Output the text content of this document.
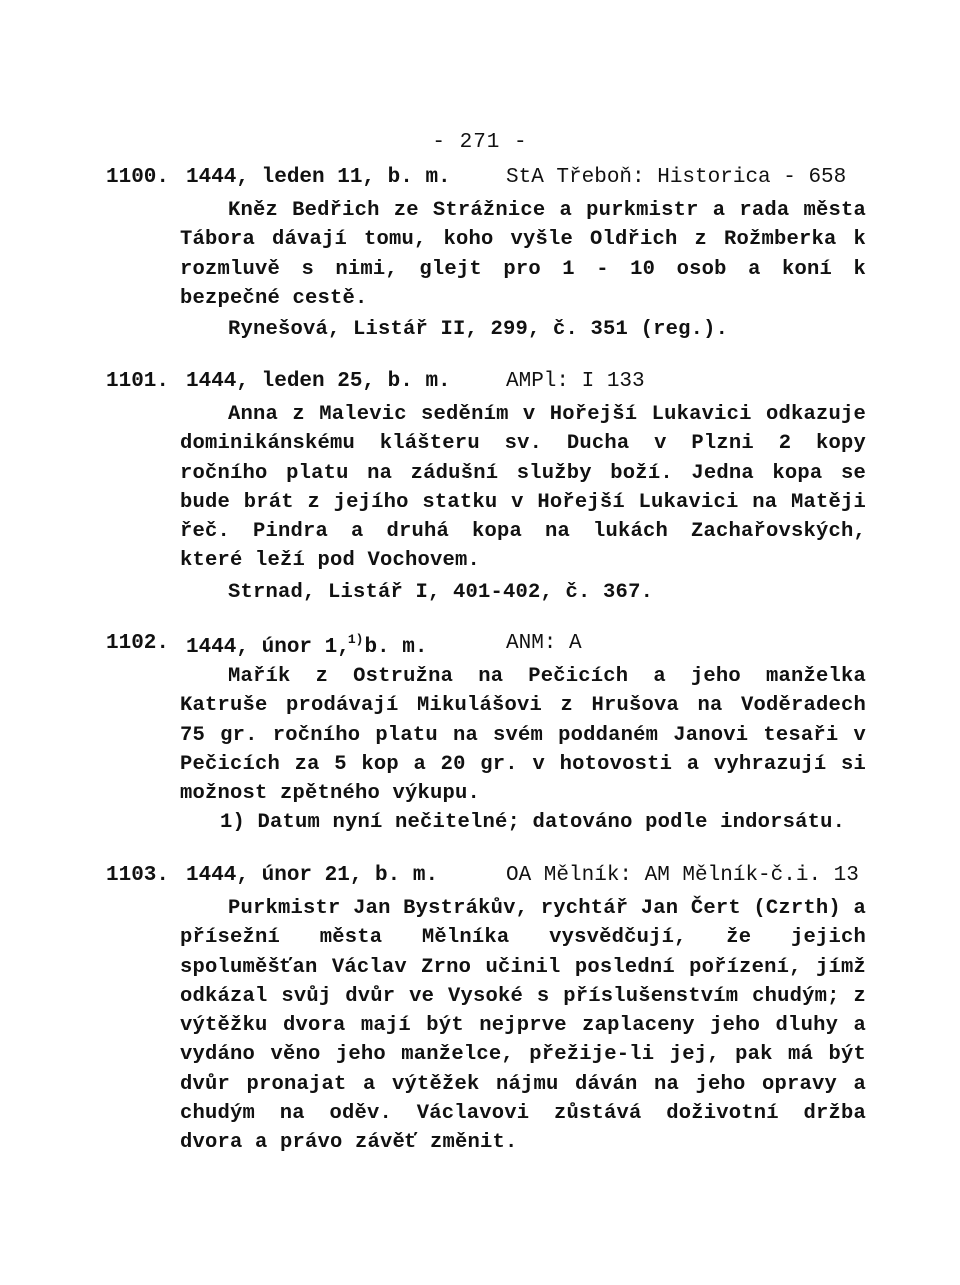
- 271 -
1100. 1444, leden 11, b. m.	StA Třeboň: Historica - 658

Kněz Bedřich ze Strážnice a purkmistr a rada města Tábora dávají tomu, koho vyšle Oldřich z Rožmberka k rozmluvě s nimi, glejt pro 1 - 10 osob a koní k bezpečné cestě.

Rynešová, Listář II, 299, č. 351 (reg.).
1101. 1444, leden 25, b. m.	AMPl: I 133

Anna z Malevic seděním v Hořejší Lukavici odkazuje dominikánskému klášteru sv. Ducha v Plzni 2 kopy ročního platu na zádušní služby boží. Jedna kopa se bude brát z jejího statku v Hořejší Lukavici na Matěji řeč. Pindra a druhá kopa na lukách Zachařovských, které leží pod Vochovem.

Strnad, Listář I, 401-402, č. 367.
1102. 1444, únor 1,$^{1)}$b. m.	ANM: A

Mařík z Ostružna na Pečicích a jeho manželka Katruše prodávají Mikulášovi z Hrušova na Voděradech 75 gr. ročního platu na svém poddaném Janovi tesaři v Pečicích za 5 kop a 20 gr. v hotovosti a vyhrazují si možnost zpětného výkupu.

1) Datum nyní nečitelné; datováno podle indorsátu.
1103. 1444, únor 21, b. m.	OA Mělník: AM Mělník-č.i. 13

Purkmistr Jan Bystrákův, rychtář Jan Čert (Czrth) a přísežní města Mělníka vysvědčují, že jejich spoluměšťan Václav Zrno učinil poslední pořízení, jímž odkázal svůj dvůr ve Vysoké s příslušenstvím chudým; z výtěžku dvora mají být nejprve zaplaceny jeho dluhy a vydáno věno jeho manželce, přežije-li jej, pak má být dvůr pronajat a výtěžek nájmu dáván na jeho opravy a chudým na oděv. Václavovi zůstává doživotní držba dvora a právo závěť změnit.
